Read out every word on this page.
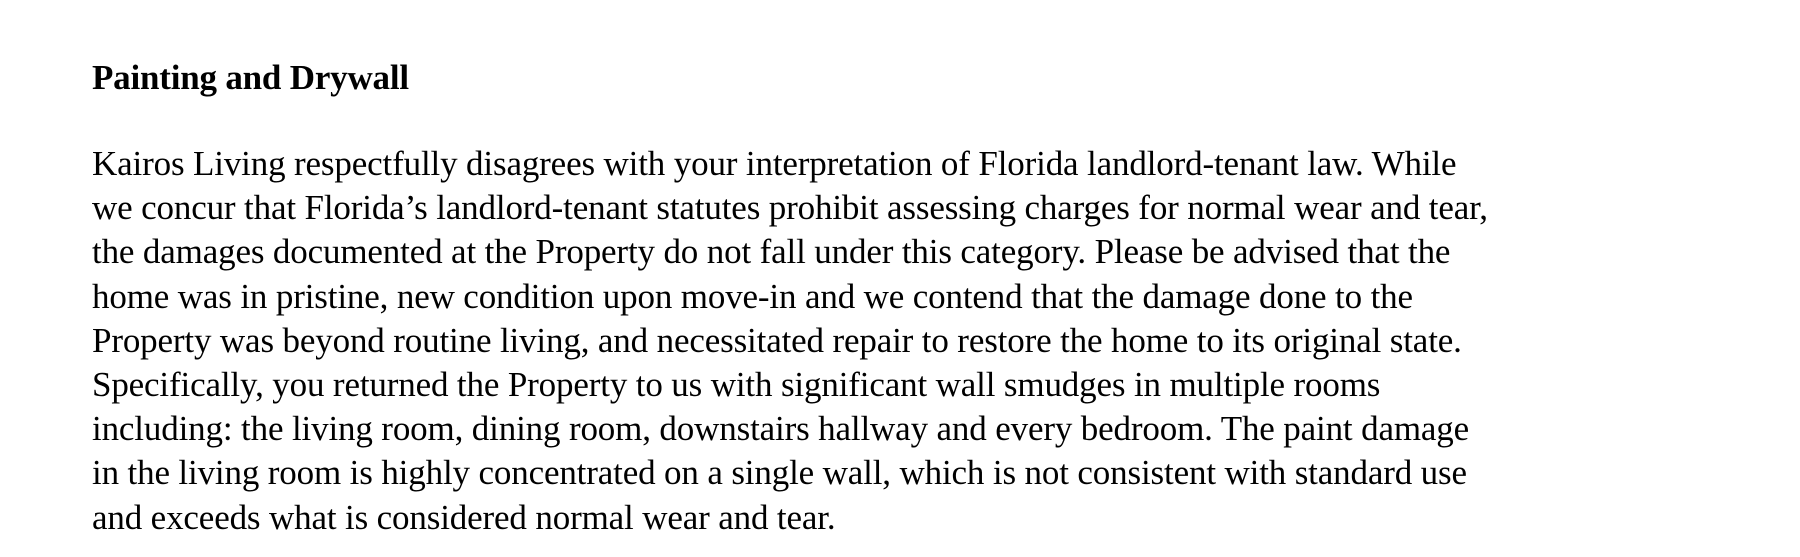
Painting and Drywall

Kairos Living respectfully disagrees with your interpretation of Florida landlord-tenant law. While
we concur that Florida’s landlord-tenant statutes prohibit assessing charges for normal wear and tear,
the damages documented at the Property do not fall under this category. Please be advised that the
home was in pristine, new condition upon move-in and we contend that the damage done to the
Property was beyond routine living, and necessitated repair to restore the home to its original state.
Specifically, you returned the Property to us with significant wall smudges in multiple rooms
including: the living room, dining room, downstairs hallway and every bedroom. The paint damage
in the living room is highly concentrated on a single wall, which is not consistent with standard use
and exceeds what is considered normal wear and tear.
